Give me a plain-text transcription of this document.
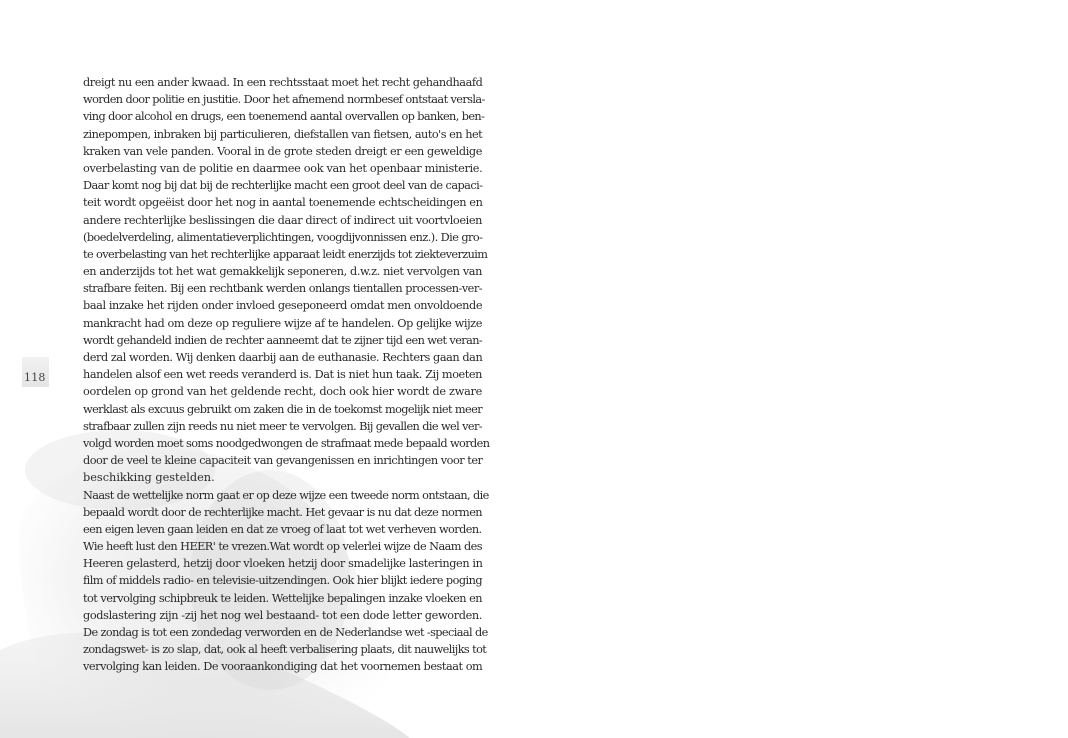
118
dreigt nu een ander kwaad. In een rechtsstaat moet het recht gehandhaafd
worden door politie en justitie. Door het afnemend normbesef ontstaat versla-
ving door alcohol en drugs, een toenemend aantal overvallen op banken, ben-
zinepompen, inbraken bij particulieren, diefstallen van fietsen, auto's en het
kraken van vele panden. Vooral in de grote steden dreigt er een geweldige
overbelasting van de politie en daarmee ook van het openbaar ministerie.
Daar komt nog bij dat bij de rechterlijke macht een groot deel van de capaci-
teit wordt opgeëist door het nog in aantal toenemende echtscheidingen en
andere rechterlijke beslissingen die daar direct of indirect uit voortvloeien
(boedelverdeling, alimentatieverplichtingen, voogdijvonnissen enz.). Die gro-
te overbelasting van het rechterlijke apparaat leidt enerzijds tot ziekteverzuim
en anderzijds tot het wat gemakkelijk seponeren, d.w.z. niet vervolgen van
strafbare feiten. Bij een rechtbank werden onlangs tientallen processen-ver-
baal inzake het rijden onder invloed geseponeerd omdat men onvoldoende
mankracht had om deze op reguliere wijze af te handelen. Op gelijke wijze
wordt gehandeld indien de rechter aanneemt dat te zijner tijd een wet veran-
derd zal worden. Wij denken daarbij aan de euthanasie. Rechters gaan dan
handelen alsof een wet reeds veranderd is. Dat is niet hun taak. Zij moeten
oordelen op grond van het geldende recht, doch ook hier wordt de zware
werklast als excuus gebruikt om zaken die in de toekomst mogelijk niet meer
strafbaar zullen zijn reeds nu niet meer te vervolgen. Bij gevallen die wel ver-
volgd worden moet soms noodgedwongen de strafmaat mede bepaald worden
door de veel te kleine capaciteit van gevangenissen en inrichtingen voor ter
beschikking gestelden.
Naast de wettelijke norm gaat er op deze wijze een tweede norm ontstaan, die
bepaald wordt door de rechterlijke macht. Het gevaar is nu dat deze normen
een eigen leven gaan leiden en dat ze vroeg of laat tot wet verheven worden.
Wie heeft lust den HEER' te vrezen.Wat wordt op velerlei wijze de Naam des
Heeren gelasterd, hetzij door vloeken hetzij door smadelijke lasteringen in
film of middels radio- en televisie-uitzendingen. Ook hier blijkt iedere poging
tot vervolging schipbreuk te leiden. Wettelijke bepalingen inzake vloeken en
godslastering zijn -zij het nog wel bestaand- tot een dode letter geworden.
De zondag is tot een zondedag verworden en de Nederlandse wet -speciaal de
zondagswet- is zo slap, dat, ook al heeft verbalisering plaats, dit nauwelijks tot
vervolging kan leiden. De vooraankondiging dat het voornemen bestaat om
